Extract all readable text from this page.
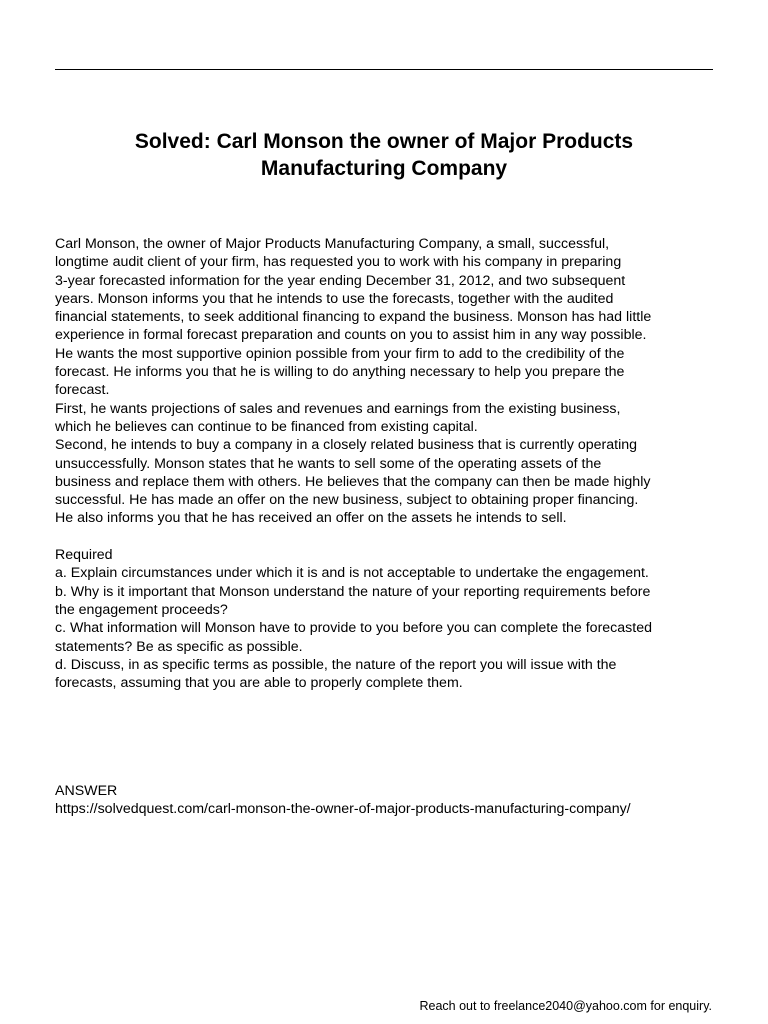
Solved: Carl Monson the owner of Major Products
Manufacturing Company

Carl Monson, the owner of Major Products Manufacturing Company, a small, successful,

longtime audit client of your firm, has requested you to work with his company in preparing

3-year forecasted information for the year ending December 31, 2012, and two subsequent

years. Monson informs you that he intends to use the forecasts, together with the audited

financial statements, to seek additional financing to expand the business. Monson has had little

experience in formal forecast preparation and counts on you to assist him in any way possible.

He wants the most supportive opinion possible from your firm to add to the credibility of the

forecast. He informs you that he is willing to do anything necessary to help you prepare the

forecast.

First, he wants projections of sales and revenues and earnings from the existing business,

which he believes can continue to be financed from existing capital.

Second, he intends to buy a company in a closely related business that is currently operating

unsuccessfully. Monson states that he wants to sell some of the operating assets of the

business and replace them with others. He believes that the company can then be made highly

successful. He has made an offer on the new business, subject to obtaining proper financing.

He also informs you that he has received an offer on the assets he intends to sell.

Required

a. Explain circumstances under which it is and is not acceptable to undertake the engagement.

b. Why is it important that Monson understand the nature of your reporting requirements before

the engagement proceeds?

c. What information will Monson have to provide to you before you can complete the forecasted

statements? Be as specific as possible.

d. Discuss, in as specific terms as possible, the nature of the report you will issue with the

forecasts, assuming that you are able to properly complete them.

ANSWER

https://solvedquest.com/carl-monson-the-owner-of-major-products-manufacturing-company/

Reach out to freelance2040@yahoo.com for enquiry.
